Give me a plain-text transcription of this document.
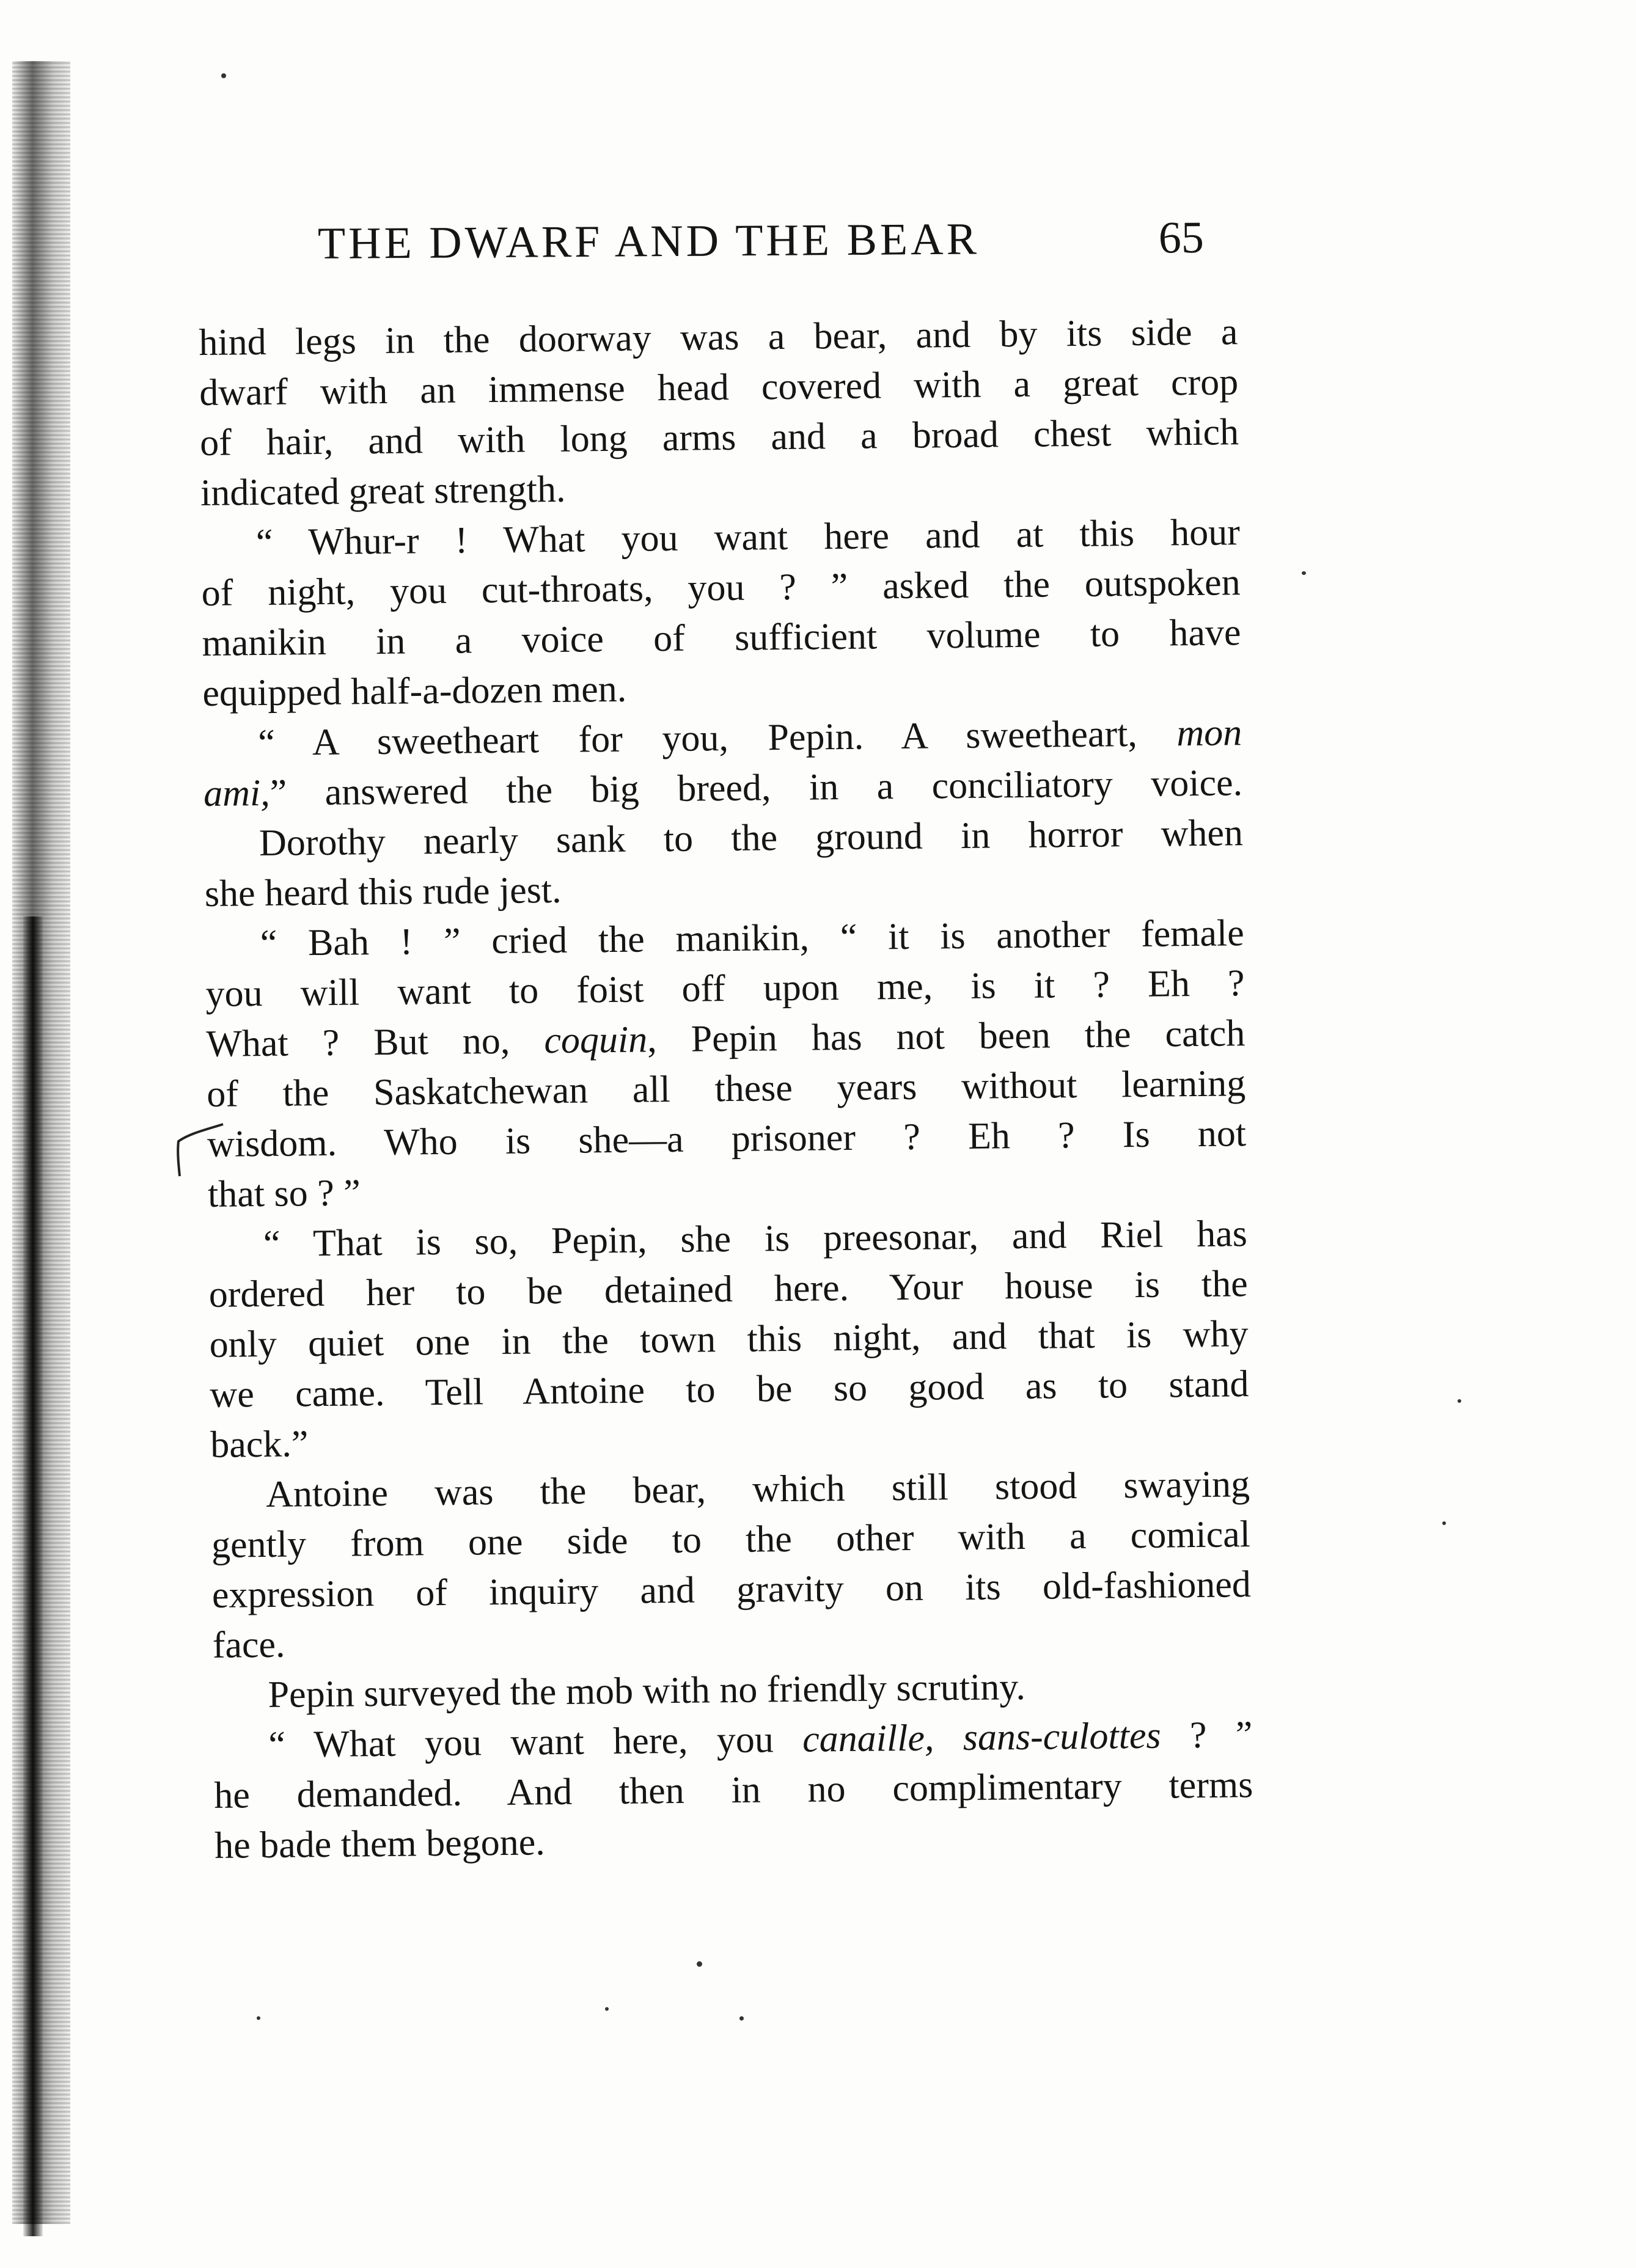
THE DWARF AND THE BEAR	65
hind legs in the doorway was a bear, and by its side a
dwarf with an immense head covered with a great crop
of hair, and with long arms and a broad chest which
indicated great strength.
“ Whur-r ! What you want here and at this hour
of night, you cut-throats, you ? ” asked the outspoken
manikin in a voice of sufficient volume to have
equipped half-a-dozen men.
“ A sweetheart for you, Pepin. A sweetheart, mon
ami,” answered the big breed, in a conciliatory voice.
Dorothy nearly sank to the ground in horror when
she heard this rude jest.
“ Bah ! ” cried the manikin, “ it is another female
you will want to foist off upon me, is it ? Eh ?
What ? But no, coquin, Pepin has not been the catch
of the Saskatchewan all these years without learning
wisdom. Who is she—a prisoner ? Eh ? Is not
that so ? ”
“ That is so, Pepin, she is preesonar, and Riel has
ordered her to be detained here. Your house is the
only quiet one in the town this night, and that is why
we came. Tell Antoine to be so good as to stand
back.”
Antoine was the bear, which still stood swaying
gently from one side to the other with a comical
expression of inquiry and gravity on its old-fashioned
face.
Pepin surveyed the mob with no friendly scrutiny.
“ What you want here, you canaille, sans-culottes ? ”
he demanded. And then in no complimentary terms
he bade them begone.
